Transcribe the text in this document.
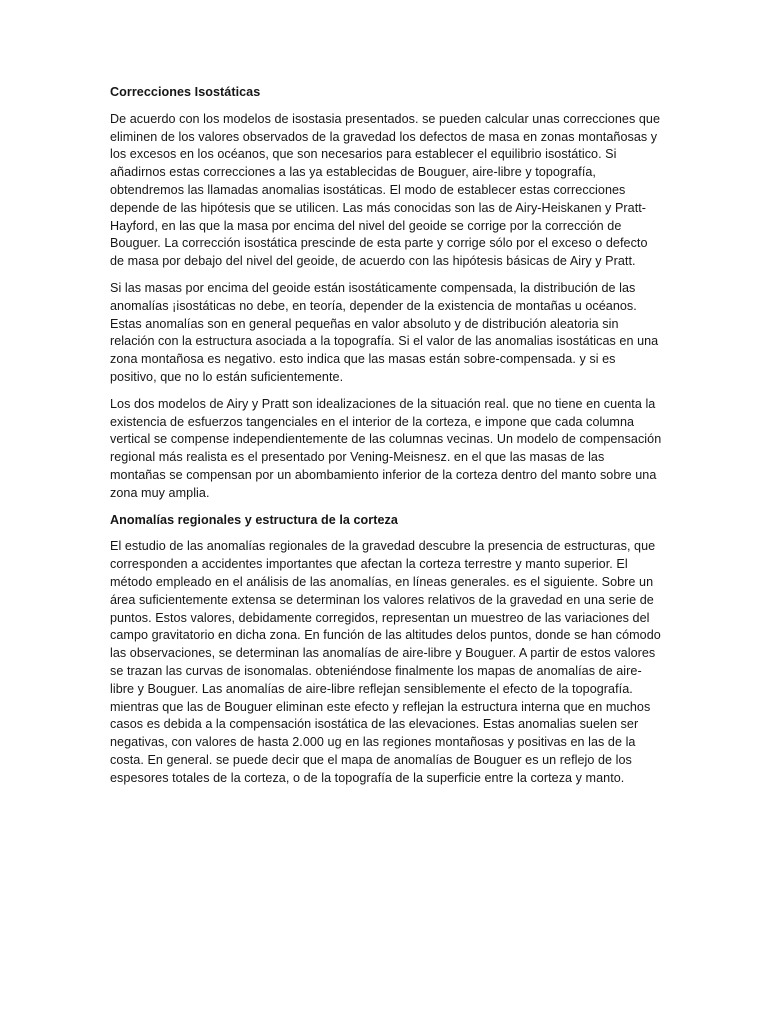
Correcciones Isostáticas

De acuerdo con los modelos de isostasia presentados. se pueden calcular unas correcciones que eliminen de los valores observados de la gravedad los defectos de masa en zonas montañosas y los excesos en los océanos, que son necesarios para establecer el equilibrio isostático. Si añadirnos estas correcciones a las ya establecidas de Bouguer, aire-libre y topografía, obtendremos las llamadas anomalias isostáticas. El modo de establecer estas correcciones depende de las hipótesis que se utilicen. Las más conocidas son las de Airy-Heiskanen y Pratt-Hayford, en las que la masa por encima del nivel del geoide se corrige por la corrección de Bouguer. La corrección isostática prescinde de esta parte y corrige sólo por el exceso o defecto de masa por debajo del nivel del geoide, de acuerdo con las hipótesis básicas de Airy y Pratt.

Si las masas por encima del geoide están isostáticamente compensada, la distribución de las anomalías ¡isostáticas no debe, en teoría, depender de la existencia de montañas u océanos. Estas anomalías son en general pequeñas en valor absoluto y de distribución aleatoria sin relación con la estructura asociada a la topografía. Si el valor de las anomalias isostáticas en una zona montañosa es negativo. esto indica que las masas están sobre-compensada. y si es positivo, que no lo están suficientemente.

Los dos modelos de Airy y Pratt son idealizaciones de la situación real. que no tiene en cuenta la existencia de esfuerzos tangenciales en el interior de la corteza, e impone que cada columna vertical se compense independientemente de las columnas vecinas. Un modelo de compensación regional más realista es el presentado por Vening-Meisnesz. en el que las masas de las montañas se compensan por un abombamiento inferior de la corteza dentro del manto sobre una zona muy amplia.

Anomalías regionales y estructura de la corteza

El estudio de las anomalías regionales de la gravedad descubre la presencia de estructuras, que corresponden a accidentes importantes que afectan la corteza terrestre y manto superior. El método empleado en el análisis de las anomalías, en líneas generales. es el siguiente. Sobre un área suficientemente extensa se determinan los valores relativos de la gravedad en una serie de puntos. Estos valores, debidamente corregidos, representan un muestreo de las variaciones del campo gravitatorio en dicha zona. En función de las altitudes delos puntos, donde se han cómodo las observaciones, se determinan las anomalías de aire-libre y Bouguer. A partir de estos valores se trazan las curvas de isonomalas. obteniéndose finalmente los mapas de anomalías de aire-libre y Bouguer. Las anomalías de aire-libre reflejan sensiblemente el efecto de la topografía. mientras que las de Bouguer eliminan este efecto y reflejan la estructura interna que en muchos casos es debida a la compensación isostática de las elevaciones. Estas anomalias suelen ser negativas, con valores de hasta 2.000 ug en las regiones montañosas y positivas en las de la costa. En general. se puede decir que el mapa de anomalías de Bouguer es un reflejo de los espesores totales de la corteza, o de la topografía de la superficie entre la corteza y manto.
